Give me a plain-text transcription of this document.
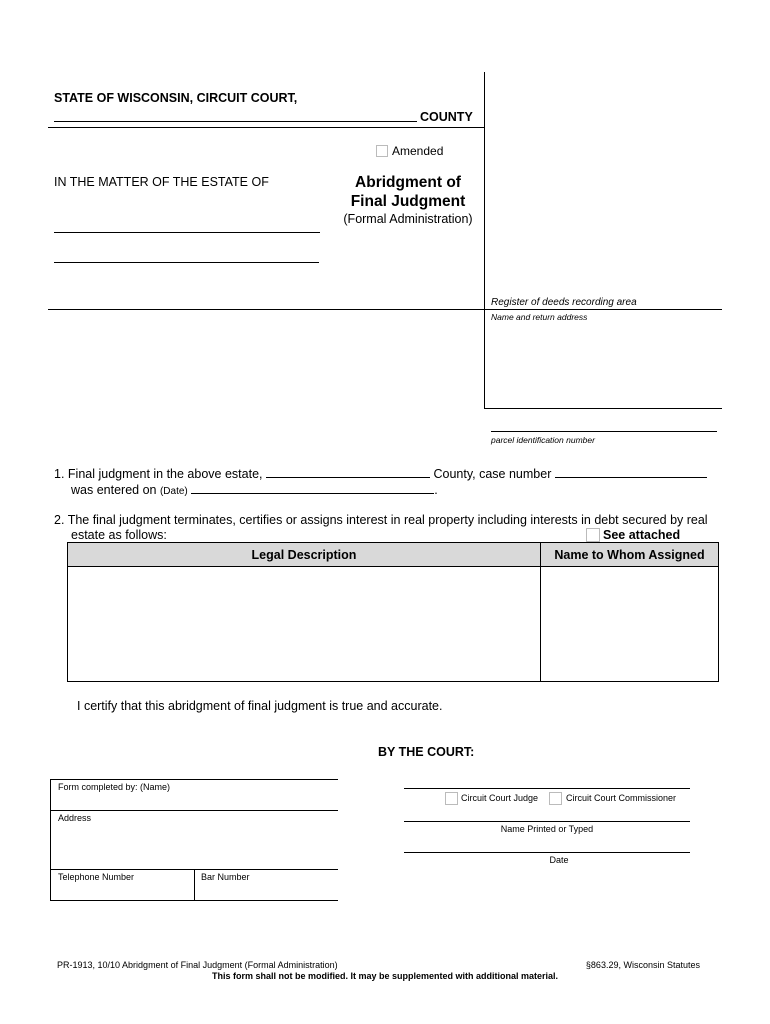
STATE OF WISCONSIN, CIRCUIT COURT,
COUNTY
Amended
IN THE MATTER OF THE ESTATE OF	Abridgment of
Final Judgment
(Formal Administration)
Register of deeds recording area
Name and return address
parcel identification number
1. Final judgment in the above estate,	County, case number
was entered on (Date)	.
2. The final judgment terminates, certifies or assigns interest in real property including interests in debt secured by real
estate as follows:	See attached
Legal Description	Name to Whom Assigned

I certify that this abridgment of final judgment is true and accurate.
BY THE COURT:
Circuit Court Judge	Circuit Court Commissioner
Name Printed or Typed
Date
Form completed by: (Name)
Address
Telephone Number	Bar Number
PR-1913, 10/10 Abridgment of Final Judgment (Formal Administration)	§863.29, Wisconsin Statutes
This form shall not be modified. It may be supplemented with additional material.
